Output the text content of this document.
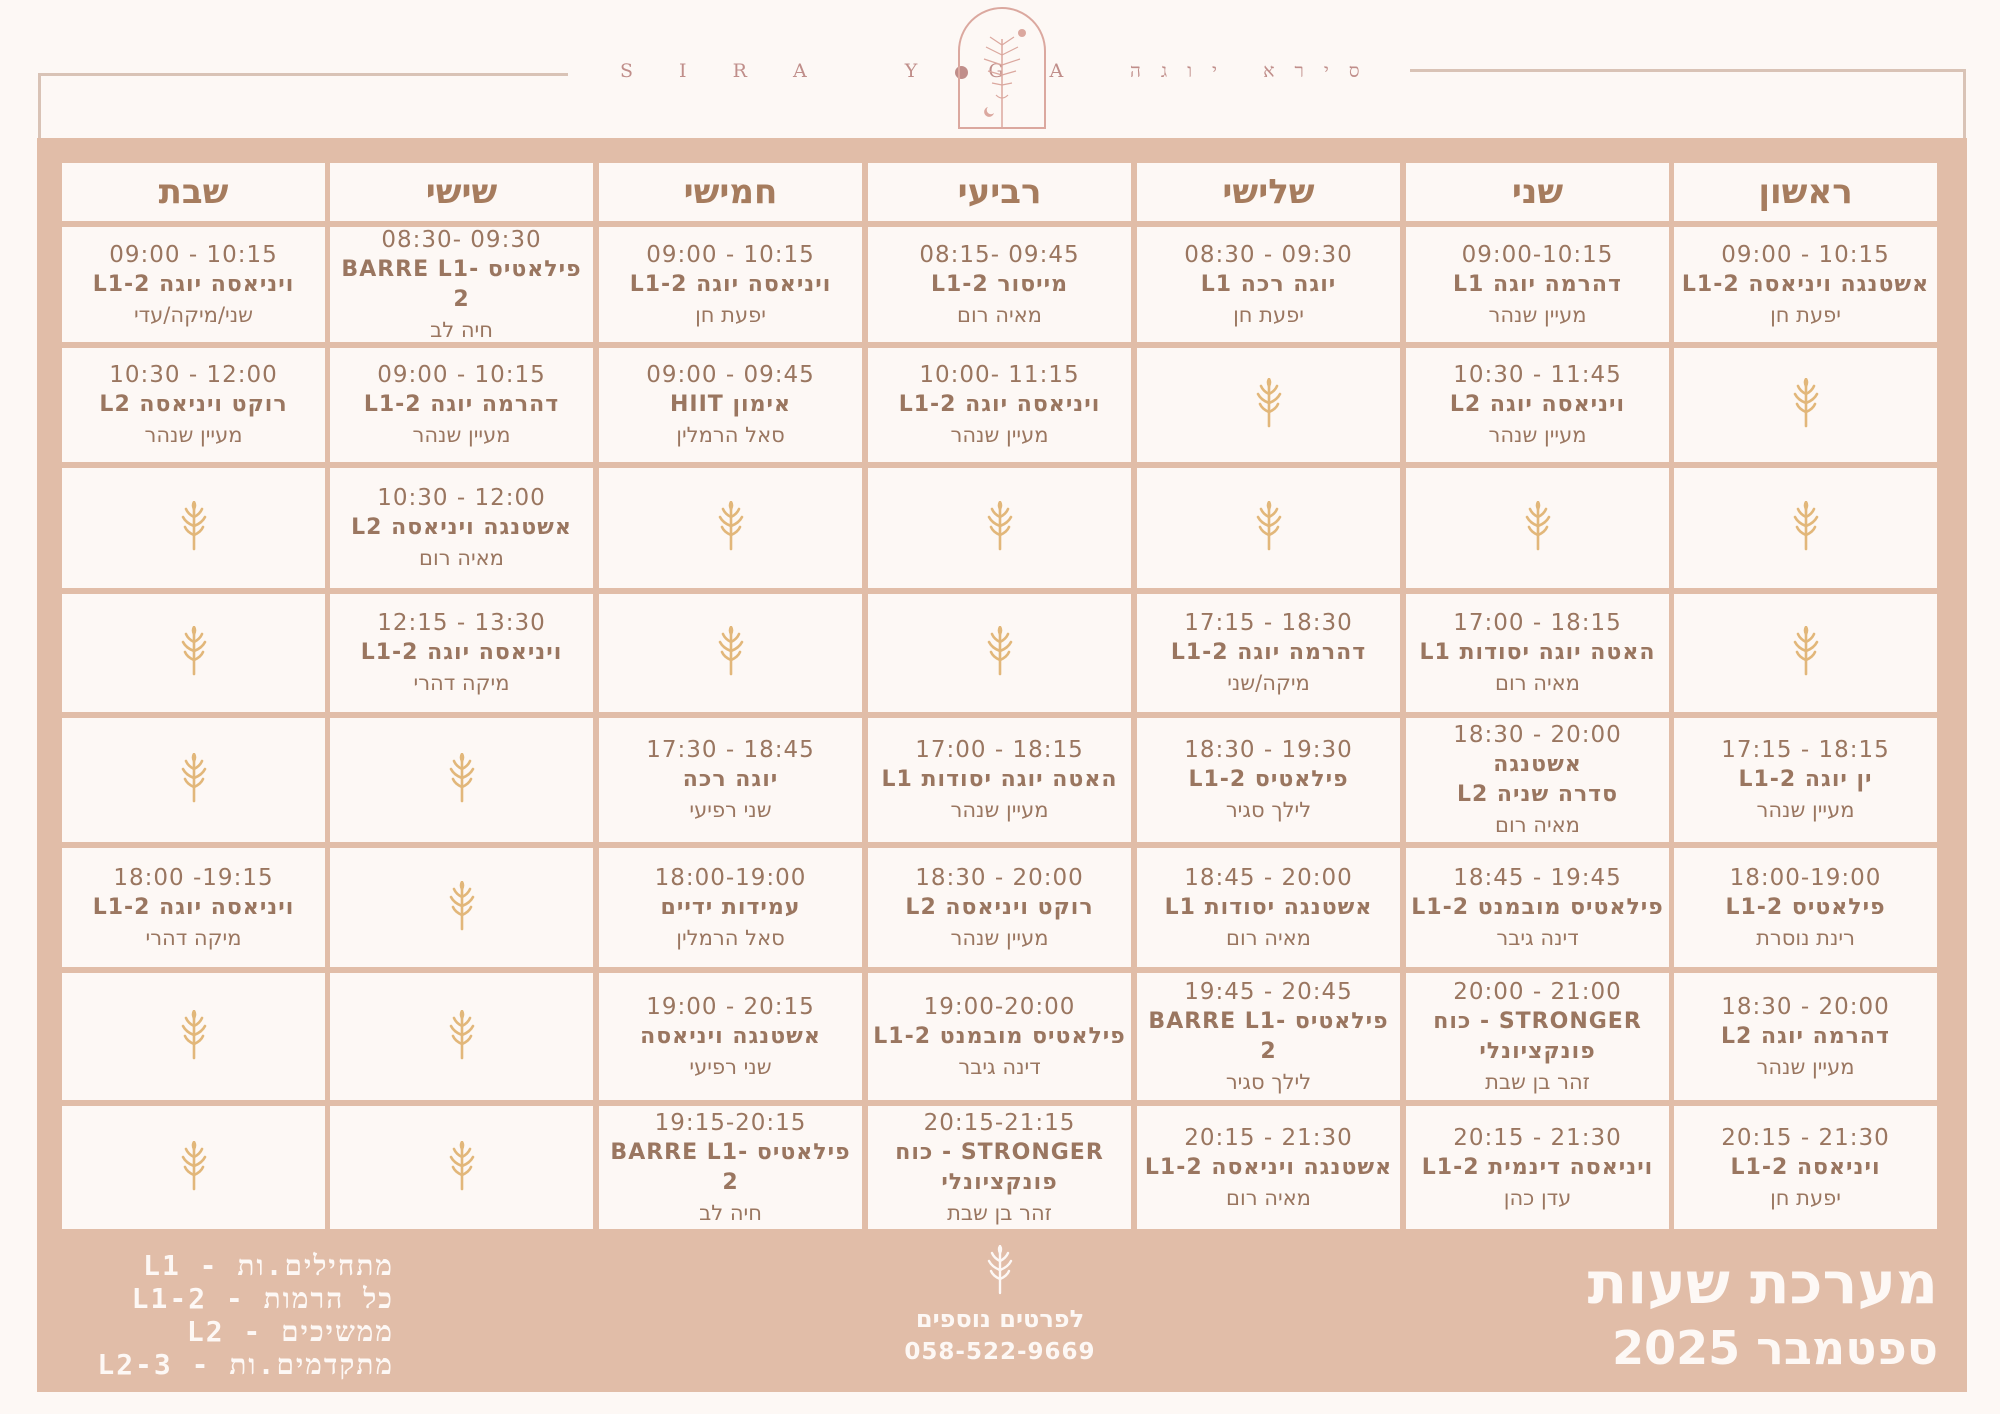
S I R A   Y	G A סירא יוגה
ראשון
שני
שלישי
רביעי
חמישי
שישי
שבת
09:00 - 10:15
אשטנגה ויניאסה L1-2
יפעת חן
09:00-10:15
דהרמה יוגה L1
מעיין שנהר
08:30 - 09:30
יוגה רכה L1
יפעת חן
08:15- 09:45
מייסור L1-2
מאיה רום
09:00 - 10:15
ויניאסה יוגה L1-2
יפעת חן
08:30- 09:30
פילאטיס BARRE L1-2
חיה לב
09:00 - 10:15
ויניאסה יוגה L1-2
שני/מיקה/עדי
10:30 - 11:45
ויניאסה יוגה L2
מעיין שנהר
10:00- 11:15
ויניאסה יוגה L1-2
מעיין שנהר
09:00 - 09:45
אימון HIIT
סאל הרמלין
09:00 - 10:15
דהרמה יוגה L1-2
מעיין שנהר
10:30 - 12:00
רוקט ויניאסה L2
מעיין שנהר
10:30 - 12:00
אשטנגה ויניאסה L2
מאיה רום
17:00 - 18:15
האטה יוגה יסודות L1
מאיה רום
17:15 - 18:30
דהרמה יוגה L1-2
מיקה/שני
12:15 - 13:30
ויניאסה יוגה L1-2
מיקה דהרי
17:15 - 18:15
ין יוגה L1-2
מעיין שנהר
18:30 - 20:00
אשטנגה
סדרה שניה L2
מאיה רום
18:30 - 19:30
פילאטיס L1-2
לילך סגיר
17:00 - 18:15
האטה יוגה יסודות L1
מעיין שנהר
17:30 - 18:45
יוגה רכה
שני רפיעי
18:00-19:00
פילאטיס L1-2
רינת נוסרת
18:45 - 19:45
פילאטיס מובמנט L1-2
דינה גיבר
18:45 - 20:00
אשטנגה יסודות L1
מאיה רום
18:30 - 20:00
רוקט ויניאסה L2
מעיין שנהר
18:00-19:00
עמידות ידיים
סאל הרמלין
18:00 -19:15
ויניאסה יוגה L1-2
מיקה דהרי
18:30 - 20:00
דהרמה יוגה L2
מעיין שנהר
20:00 - 21:00
STRONGER - כוח
פונקציונלי
זהר בן שבת
19:45 - 20:45
פילאטיס BARRE L1-2
לילך סגיר
19:00-20:00
פילאטיס מובמנט L1-2
דינה גיבר
19:00 - 20:15
אשטנגה ויניאסה
שני רפיעי
20:15 - 21:30
ויניאסה L1-2
יפעת חן
20:15 - 21:30
ויניאסה דינמית L1-2
עדן כהן
20:15 - 21:30
אשטנגה ויניאסה L1-2
מאיה רום
20:15-21:15
STRONGER - כוח
פונקציונלי
זהר בן שבת
19:15-20:15
פילאטיס BARRE L1-2
חיה לב
מתחילים.ות - L1
כל הרמות - L1-2
ממשיכים - L2
מתקדמים.ות - L2-3
לפרטים נוספים
058-522-9669
מערכת שעות
ספטמבר 2025
